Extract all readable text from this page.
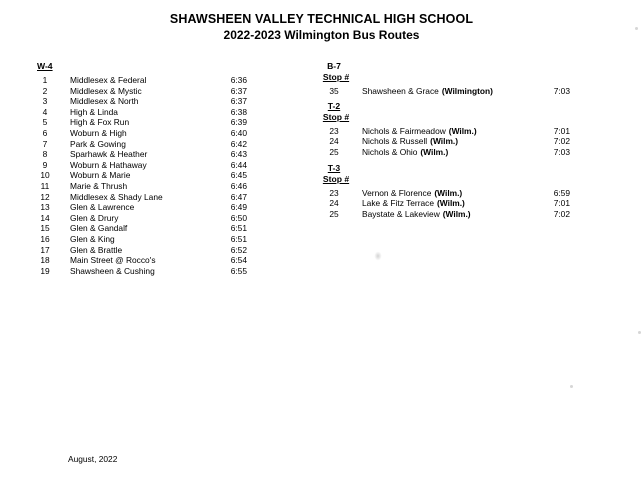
SHAWSHEEN VALLEY TECHNICAL HIGH SCHOOL
2022-2023 Wilmington Bus Routes
W-4
1	Middlesex & Federal	6:36
2	Middlesex & Mystic	6:37
3	Middlesex & North	6:37
4	High & Linda	6:38
5	High & Fox Run	6:39
6	Woburn & High	6:40
7	Park & Gowing	6:42
8	Sparhawk & Heather	6:43
9	Woburn & Hathaway	6:44
10	Woburn & Marie	6:45
11	Marie & Thrush	6:46
12	Middlesex & Shady Lane	6:47
13	Glen & Lawrence	6:49
14	Glen & Drury	6:50
15	Glen & Gandalf	6:51
16	Glen & King	6:51
17	Glen & Brattle	6:52
18	Main Street @ Rocco's	6:54
19	Shawsheen & Cushing	6:55
B-7
Stop #
35	Shawsheen & Grace (Wilmington)	7:03
T-2
Stop #
23	Nichols & Fairmeadow (Wilm.)	7:01
24	Nichols & Russell (Wilm.)	7:02
25	Nichols & Ohio (Wilm.)	7:03
T-3
Stop #
23	Vernon & Florence (Wilm.)	6:59
24	Lake & Fitz Terrace (Wilm.)	7:01
25	Baystate & Lakeview (Wilm.)	7:02
August, 2022
